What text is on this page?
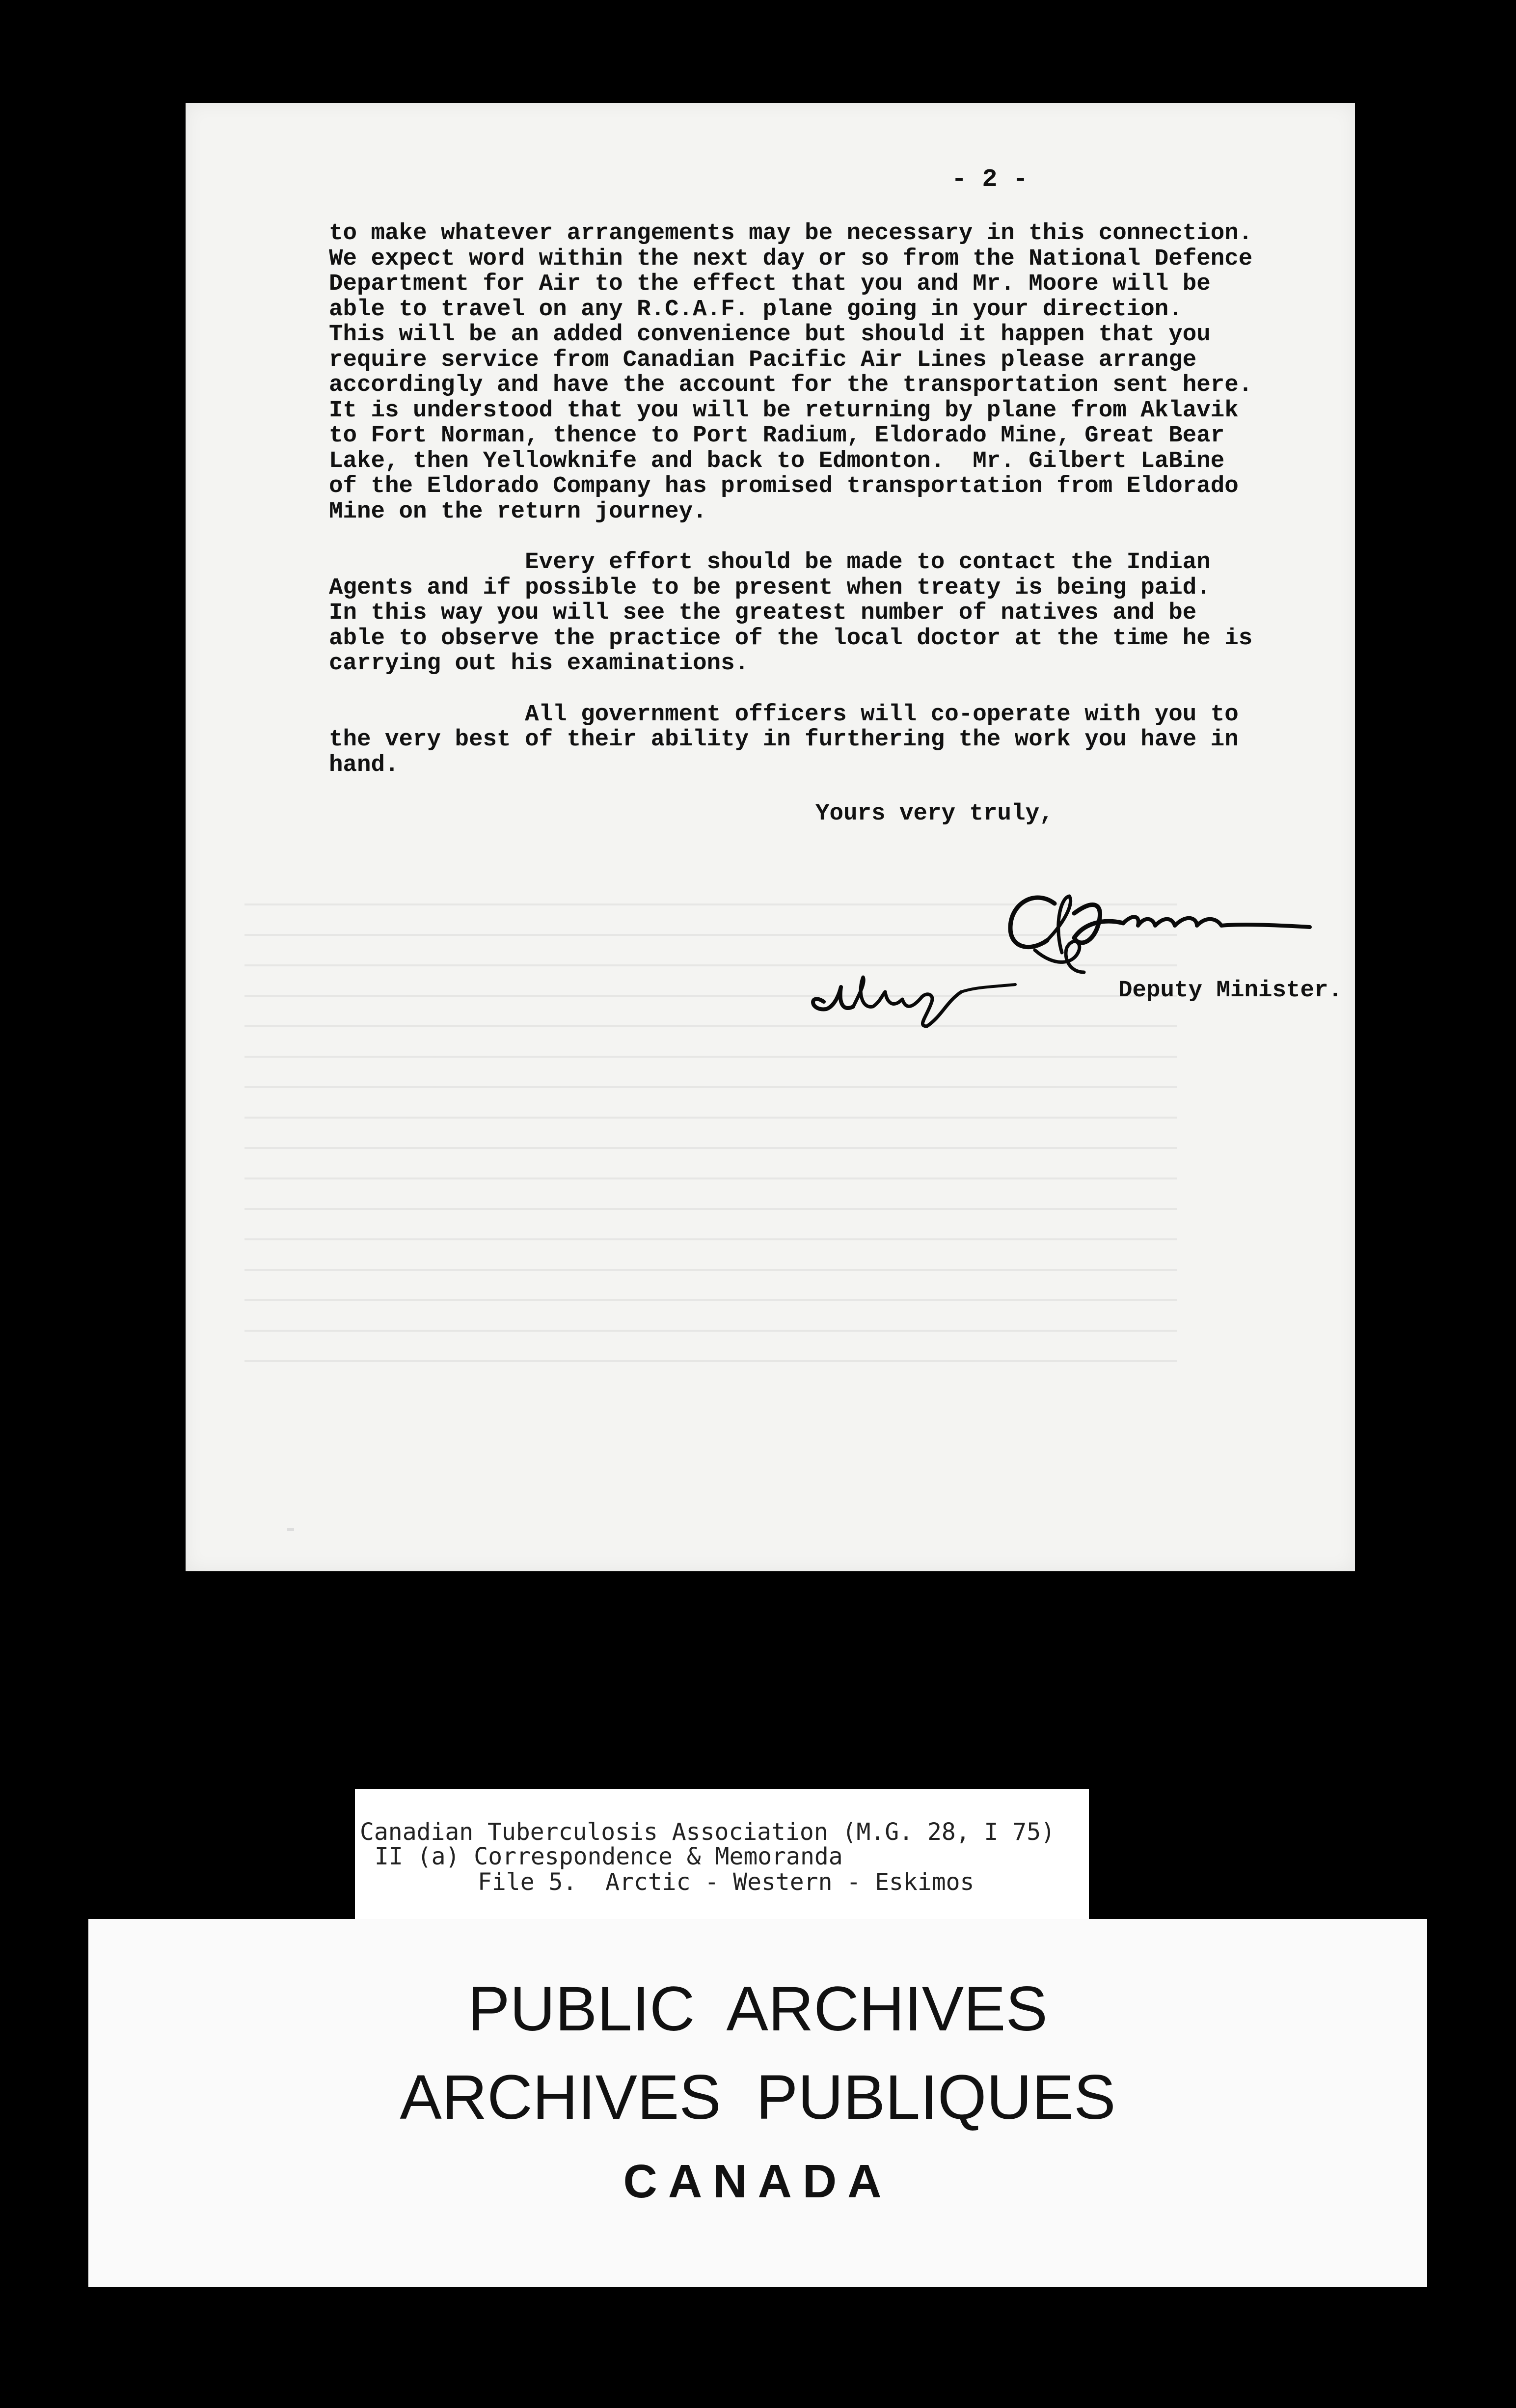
- 2 -
to make whatever arrangements may be necessary in this connection.
We expect word within the next day or so from the National Defence
Department for Air to the effect that you and Mr. Moore will be
able to travel on any R.C.A.F. plane going in your direction.
This will be an added convenience but should it happen that you
require service from Canadian Pacific Air Lines please arrange
accordingly and have the account for the transportation sent here.
It is understood that you will be returning by plane from Aklavik
to Fort Norman, thence to Port Radium, Eldorado Mine, Great Bear
Lake, then Yellowknife and back to Edmonton.  Mr. Gilbert LaBine
of the Eldorado Company has promised transportation from Eldorado
Mine on the return journey.
Every effort should be made to contact the Indian
Agents and if possible to be present when treaty is being paid.
In this way you will see the greatest number of natives and be
able to observe the practice of the local doctor at the time he is
carrying out his examinations.
All government officers will co-operate with you to
the very best of their ability in furthering the work you have in
hand.
Yours very truly,
Deputy Minister.
Canadian Tuberculosis Association (M.G. 28, I 75)
II (a) Correspondence & Memoranda
File 5.  Arctic - Western - Eskimos
PUBLIC  ARCHIVES
ARCHIVES  PUBLIQUES
CANADA
